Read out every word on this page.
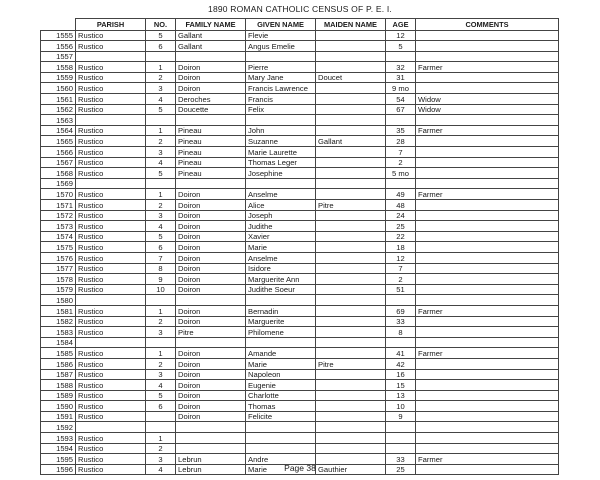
1890 ROMAN CATHOLIC CENSUS OF P. E. I.
	PARISH	NO.	FAMILY NAME	GIVEN NAME	MAIDEN NAME	AGE	COMMENTS
1555	Rustico	5	Gallant	Flevie		12	
1556	Rustico	6	Gallant	Angus Emelie		5	
1557							
1558	Rustico	1	Doiron	Pierre		32	Farmer
1559	Rustico	2	Doiron	Mary Jane	Doucet	31	
1560	Rustico	3	Doiron	Francis Lawrence		9 mo	
1561	Rustico	4	Deroches	Francis		54	Widow
1562	Rustico	5	Doucette	Felix		67	Widow
1563							
1564	Rustico	1	Pineau	John		35	Farmer
1565	Rustico	2	Pineau	Suzanne	Gallant	28	
1566	Rustico	3	Pineau	Marie Laurette		7	
1567	Rustico	4	Pineau	Thomas Leger		2	
1568	Rustico	5	Pineau	Josephine		5 mo	
1569							
1570	Rustico	1	Doiron	Anselme		49	Farmer
1571	Rustico	2	Doiron	Alice	Pitre	48	
1572	Rustico	3	Doiron	Joseph		24	
1573	Rustico	4	Doiron	Judithe		25	
1574	Rustico	5	Doiron	Xavier		22	
1575	Rustico	6	Doiron	Marie		18	
1576	Rustico	7	Doiron	Anselme		12	
1577	Rustico	8	Doiron	Isidore		7	
1578	Rustico	9	Doiron	Marguerite Ann		2	
1579	Rustico	10	Doiron	Judithe Soeur		51	
1580							
1581	Rustico	1	Doiron	Bernadin		69	Farmer
1582	Rustico	2	Doiron	Marguerite		33	
1583	Rustico	3	Pitre	Philomene		8	
1584							
1585	Rustico	1	Doiron	Amande		41	Farmer
1586	Rustico	2	Doiron	Marie	Pitre	42	
1587	Rustico	3	Doiron	Napoleon		16	
1588	Rustico	4	Doiron	Eugenie		15	
1589	Rustico	5	Doiron	Charlotte		13	
1590	Rustico	6	Doiron	Thomas		10	
1591	Rustico		Doiron	Felicite		9	
1592							
1593	Rustico	1					
1594	Rustico	2					
1595	Rustico	3	Lebrun	Andre		33	Farmer
1596	Rustico	4	Lebrun	Marie	Gauthier	25	
Page 38
